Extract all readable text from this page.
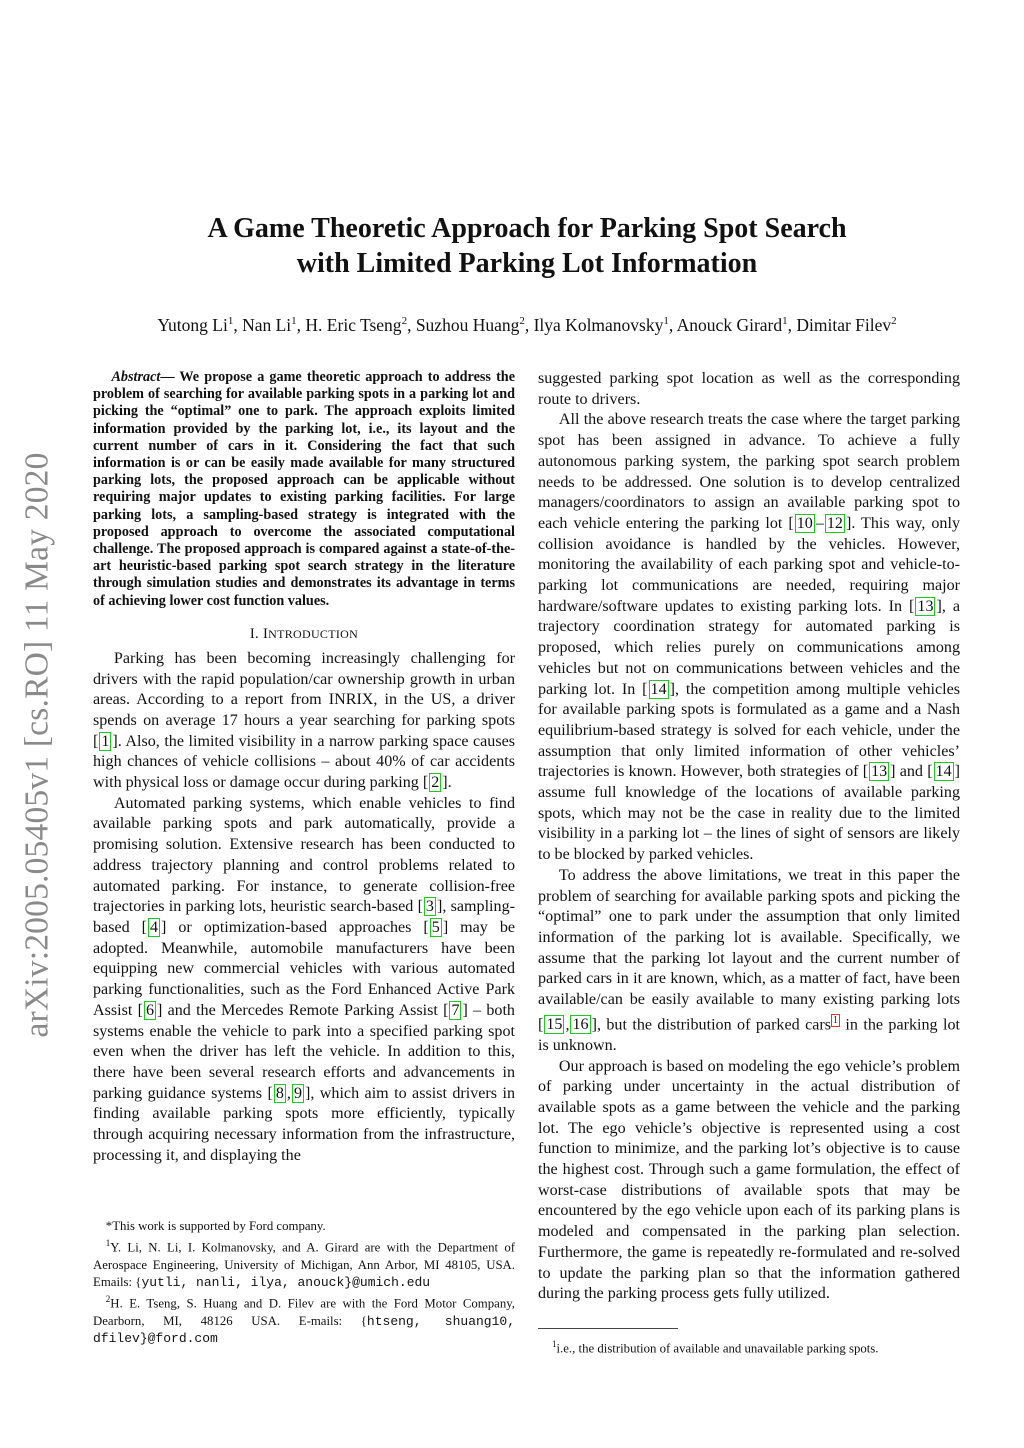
arXiv:2005.05405v1 [cs.RO] 11 May 2020
A Game Theoretic Approach for Parking Spot Search
with Limited Parking Lot Information
Yutong Li$^1$, Nan Li$^1$, H. Eric Tseng$^2$, Suzhou Huang$^2$, Ilya Kolmanovsky$^1$, Anouck Girard$^1$, Dimitar Filev$^2$

Abstract— We propose a game theoretic approach to address the problem of searching for available parking spots in a parking lot and picking the “optimal” one to park. The approach exploits limited information provided by the parking lot, i.e., its layout and the current number of cars in it. Considering the fact that such information is or can be easily made available for many structured parking lots, the proposed approach can be applicable without requiring major updates to existing parking facilities. For large parking lots, a sampling-based strategy is integrated with the proposed approach to overcome the associated computational challenge. The proposed approach is compared against a state-of-the-art heuristic-based parking spot search strategy in the literature through simulation studies and demonstrates its advantage in terms of achieving lower cost function values.

I. INTRODUCTION

Parking has been becoming increasingly challenging for drivers with the rapid population/car ownership growth in urban areas. According to a report from INRIX, in the US, a driver spends on average 17 hours a year searching for parking spots [ 1 ]. Also, the limited visibility in a narrow parking space causes high chances of vehicle collisions – about 40% of car accidents with physical loss or damage occur during parking [ 2 ].

Automated parking systems, which enable vehicles to find available parking spots and park automatically, provide a promising solution. Extensive research has been conducted to address trajectory planning and control problems related to automated parking. For instance, to generate collision-free trajectories in parking lots, heuristic search-based [ 3 ], sampling-based [ 4 ] or optimization-based approaches [ 5 ] may be adopted. Meanwhile, automobile manufacturers have been equipping new commercial vehicles with various automated parking functionalities, such as the Ford Enhanced Active Park Assist [ 6 ] and the Mercedes Remote Parking Assist [ 7 ] – both systems enable the vehicle to park into a specified parking spot even when the driver has left the vehicle. In addition to this, there have been several research efforts and advancements in parking guidance systems [ 8 , 9 ], which aim to assist drivers in finding available parking spots more efficiently, typically through acquiring necessary information from the infrastructure, processing it, and displaying the

*This work is supported by Ford company.

$^1$Y. Li, N. Li, I. Kolmanovsky, and A. Girard are with the Department of Aerospace Engineering, University of Michigan, Ann Arbor, MI 48105, USA. Emails: {yutli, nanli, ilya, anouck}@umich.edu

$^2$H. E. Tseng, S. Huang and D. Filev are with the Ford Motor Company, Dearborn, MI, 48126 USA. E-mails: {htseng, shuang10, dfilev}@ford.com

suggested parking spot location as well as the corresponding route to drivers.

All the above research treats the case where the target parking spot has been assigned in advance. To achieve a fully autonomous parking system, the parking spot search problem needs to be addressed. One solution is to develop centralized managers/coordinators to assign an available parking spot to each vehicle entering the parking lot [ 10 – 12 ]. This way, only collision avoidance is handled by the vehicles. However, monitoring the availability of each parking spot and vehicle-to-parking lot communications are needed, requiring major hardware/software updates to existing parking lots. In [ 13 ], a trajectory coordination strategy for automated parking is proposed, which relies purely on communications among vehicles but not on communications between vehicles and the parking lot. In [ 14 ], the competition among multiple vehicles for available parking spots is formulated as a game and a Nash equilibrium-based strategy is solved for each vehicle, under the assumption that only limited information of other vehicles’ trajectories is known. However, both strategies of [ 13 ] and [ 14 ] assume full knowledge of the locations of available parking spots, which may not be the case in reality due to the limited visibility in a parking lot – the lines of sight of sensors are likely to be blocked by parked vehicles.

To address the above limitations, we treat in this paper the problem of searching for available parking spots and picking the “optimal” one to park under the assumption that only limited information of the parking lot is available. Specifically, we assume that the parking lot layout and the current number of parked cars in it are known, which, as a matter of fact, have been available/can be easily available to many existing parking lots [ 15 , 16 ], but the distribution of parked cars $^1$ in the parking lot is unknown.

Our approach is based on modeling the ego vehicle’s problem of parking under uncertainty in the actual distribution of available spots as a game between the vehicle and the parking lot. The ego vehicle’s objective is represented using a cost function to minimize, and the parking lot’s objective is to cause the highest cost. Through such a game formulation, the effect of worst-case distributions of available spots that may be encountered by the ego vehicle upon each of its parking plans is modeled and compensated in the parking plan selection. Furthermore, the game is repeatedly re-formulated and re-solved to update the parking plan so that the information gathered during the parking process gets fully utilized.

$^1$i.e., the distribution of available and unavailable parking spots.
